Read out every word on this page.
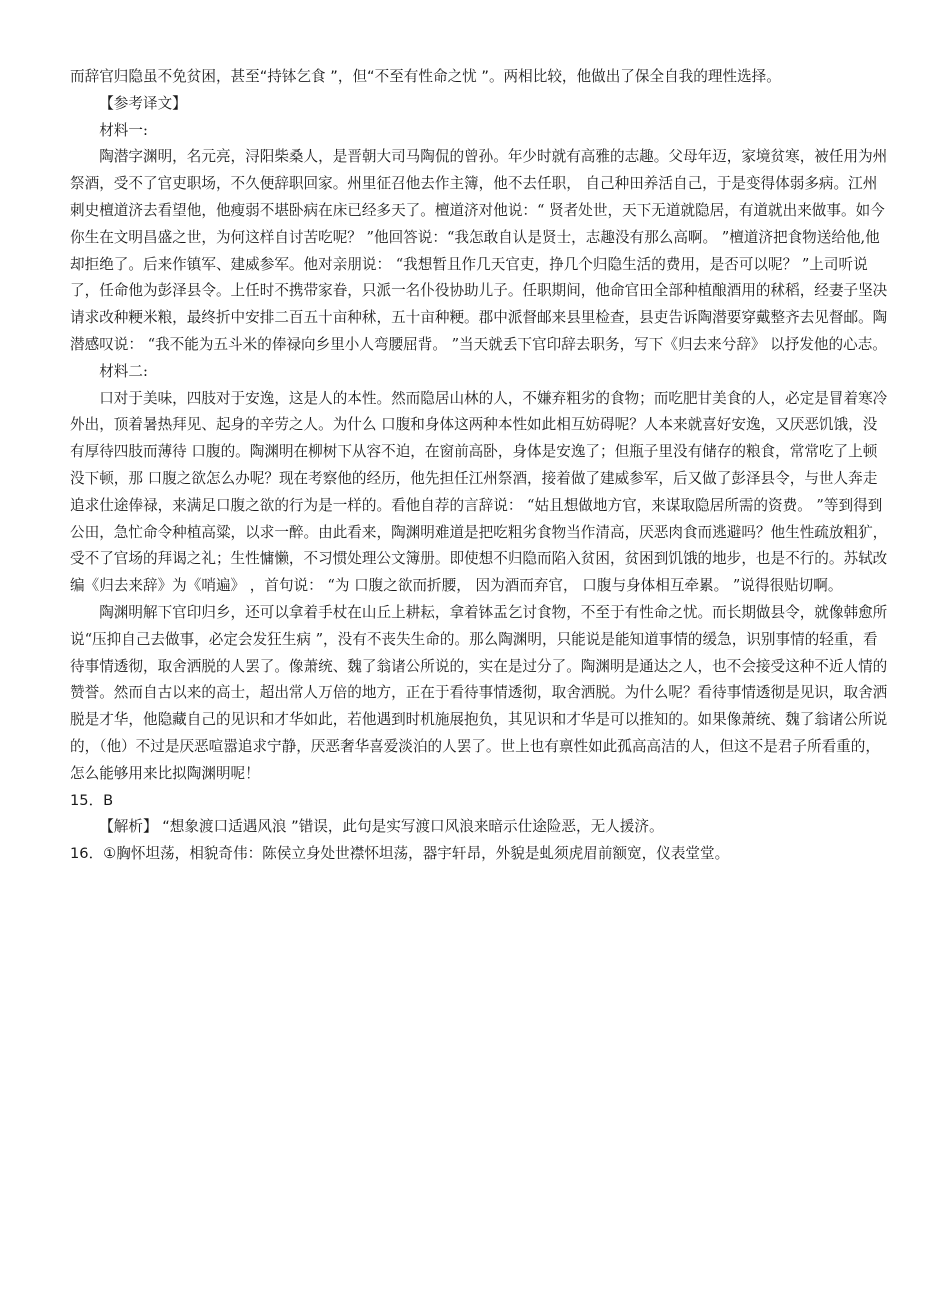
而辞官归隐虽不免贫困，甚至“持钵乞食 ”，但“不至有性命之忧 ”。两相比较，他做出了保全自我的理性选择。

【参考译文】

材料一:

陶潜字渊明，名元亮，浔阳柴桑人，是晋朝大司马陶侃的曾孙。年少时就有高雅的志趣。父母年迈，家境贫寒，被任用为州祭酒，受不了官吏职场，不久便辞职回家。州里征召他去作主簿，他不去任职， 自己种田养活自己，于是变得体弱多病。江州刺史檀道济去看望他，他瘦弱不堪卧病在床已经多天了。檀道济对他说：“ 贤者处世，天下无道就隐居，有道就出来做事。如今你生在文明昌盛之世，为何这样自讨苦吃呢？ ”他回答说：“我怎敢自认是贤士，志趣没有那么高啊。 ”檀道济把食物送给他,他却拒绝了。后来作镇军、建威参军。他对亲朋说： “我想暂且作几天官吏，挣几个归隐生活的费用，是否可以呢？ ”上司听说了，任命他为彭泽县令。上任时不携带家眷，只派一名仆役协助儿子。任职期间，他命官田全部种植酿酒用的秫稻，经妻子坚决请求改种粳米粮，最终折中安排二百五十亩种秫，五十亩种粳。郡中派督邮来县里检查，县吏告诉陶潜要穿戴整齐去见督邮。陶潜感叹说： “我不能为五斗米的俸禄向乡里小人弯腰屈背。 ”当天就丢下官印辞去职务，写下《归去来兮辞》 以抒发他的心志。

材料二:

口对于美味，四肢对于安逸，这是人的本性。然而隐居山林的人，不嫌弃粗劣的食物；而吃肥甘美食的人，必定是冒着寒冷外出，顶着暑热拜见、起身的辛劳之人。为什么 口腹和身体这两种本性如此相互妨碍呢？人本来就喜好安逸，又厌恶饥饿，没有厚待四肢而薄待 口腹的。陶渊明在柳树下从容不迫，在窗前高卧，身体是安逸了；但瓶子里没有储存的粮食，常常吃了上顿没下顿，那 口腹之欲怎么办呢？现在考察他的经历，他先担任江州祭酒，接着做了建威参军，后又做了彭泽县令，与世人奔走追求仕途俸禄，来满足口腹之欲的行为是一样的。看他自荐的言辞说： “姑且想做地方官，来谋取隐居所需的资费。 ”等到得到公田，急忙命令种植高粱，以求一醉。由此看来，陶渊明难道是把吃粗劣食物当作清高，厌恶肉食而逃避吗？他生性疏放粗犷，受不了官场的拜谒之礼；生性慵懒，不习惯处理公文簿册。即使想不归隐而陷入贫困，贫困到饥饿的地步，也是不行的。苏轼改编《归去来辞》为《哨遍》 ，首句说： “为 口腹之欲而折腰， 因为酒而弃官， 口腹与身体相互牵累。 ”说得很贴切啊。

陶渊明解下官印归乡，还可以拿着手杖在山丘上耕耘，拿着钵盂乞讨食物，不至于有性命之忧。而长期做县令，就像韩愈所说“压抑自己去做事，必定会发狂生病 ”，没有不丧失生命的。那么陶渊明，只能说是能知道事情的缓急，识别事情的轻重，看待事情透彻，取舍洒脱的人罢了。像萧统、魏了翁诸公所说的，实在是过分了。陶渊明是通达之人，也不会接受这种不近人情的赞誉。然而自古以来的高士，超出常人万倍的地方，正在于看待事情透彻，取舍洒脱。为什么呢？看待事情透彻是见识，取舍洒脱是才华，他隐藏自己的见识和才华如此，若他遇到时机施展抱负，其见识和才华是可以推知的。如果像萧统、魏了翁诸公所说的，（他）不过是厌恶喧嚣追求宁静，厌恶奢华喜爱淡泊的人罢了。世上也有禀性如此孤高高洁的人，但这不是君子所看重的，怎么能够用来比拟陶渊明呢！

15．B

【解析】 “想象渡口适遇风浪 ”错误，此句是实写渡口风浪来暗示仕途险恶，无人援济。

16．①胸怀坦荡，相貌奇伟：陈侯立身处世襟怀坦荡，器宇轩昂，外貌是虬须虎眉前额宽，仪表堂堂。
